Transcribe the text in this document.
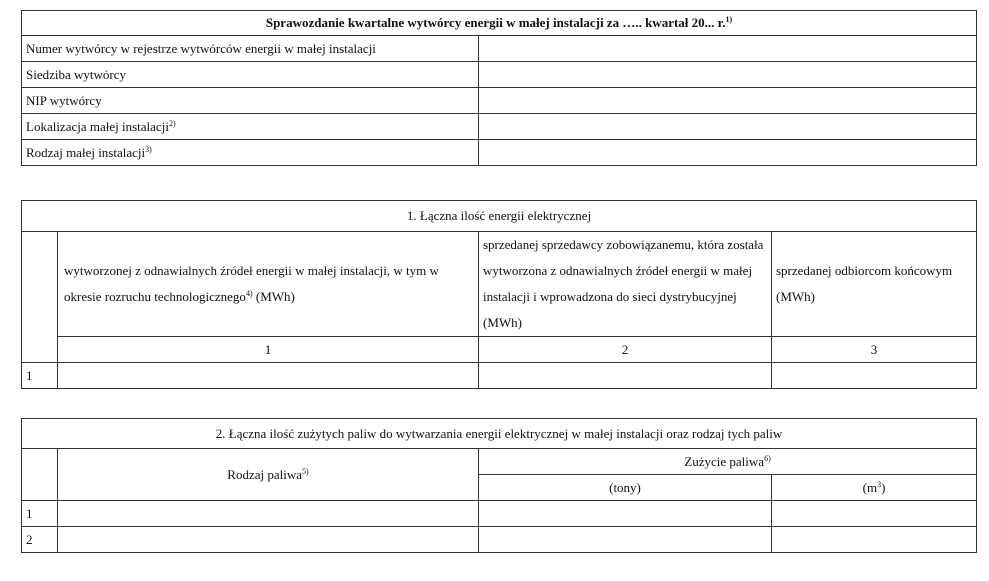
Sprawozdanie kwartalne wytwórcy energii w małej instalacji za ….. kwartał 20... r.$^{1)}$
Numer wytwórcy w rejestrze wytwórców energii w małej instalacji	
Siedziba wytwórcy	
NIP wytwórcy	
Lokalizacja małej instalacji$^{2)}$	
Rodzaj małej instalacji$^{3)}$	
1. Łączna ilość energii elektrycznej			
	wytworzonej z odnawialnych źródeł energii w małej instalacji, w tym w okresie rozruchu technologicznego$^{4)}$ (MWh)	sprzedanej sprzedawcy zobowiązanemu, która została wytworzona z odnawialnych źródeł energii w małej instalacji i wprowadzona do sieci dystrybucyjnej (MWh)	sprzedanej odbiorcom końcowym (MWh)
	1	2	3
1			
2. Łączna ilość zużytych paliw do wytwarzania energii elektrycznej w małej instalacji oraz rodzaj tych paliw			
	Rodzaj paliwa$^{5)}$	Zużycie paliwa$^{6)}$
		(tony)	$(m^3)$
1			
2			
